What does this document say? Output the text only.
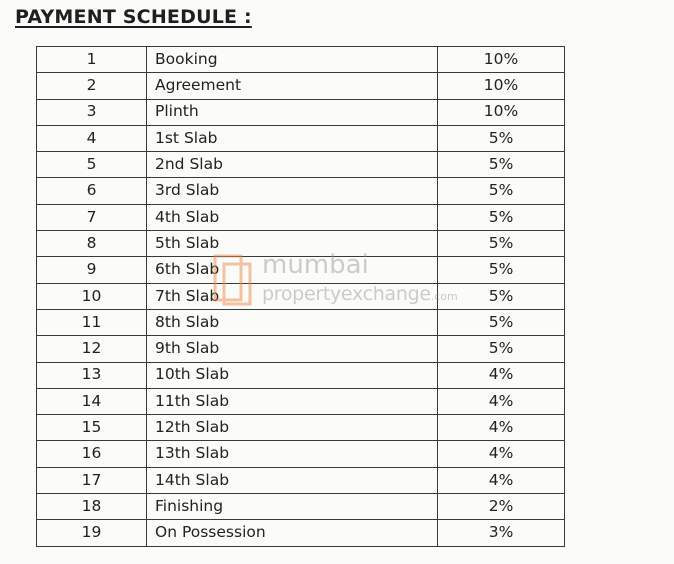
PAYMENT SCHEDULE :
1	Booking	10%
2	Agreement	10%
3	Plinth	10%
4	1st Slab	5%
5	2nd Slab	5%
6	3rd Slab	5%
7	4th Slab	5%
8	5th Slab	5%
9	6th Slab	5%
10	7th Slab	5%
11	8th Slab	5%
12	9th Slab	5%
13	10th Slab	4%
14	11th Slab	4%
15	12th Slab	4%
16	13th Slab	4%
17	14th Slab	4%
18	Finishing	2%
19	On Possession	3%
mumbai
propertyexchange.com
